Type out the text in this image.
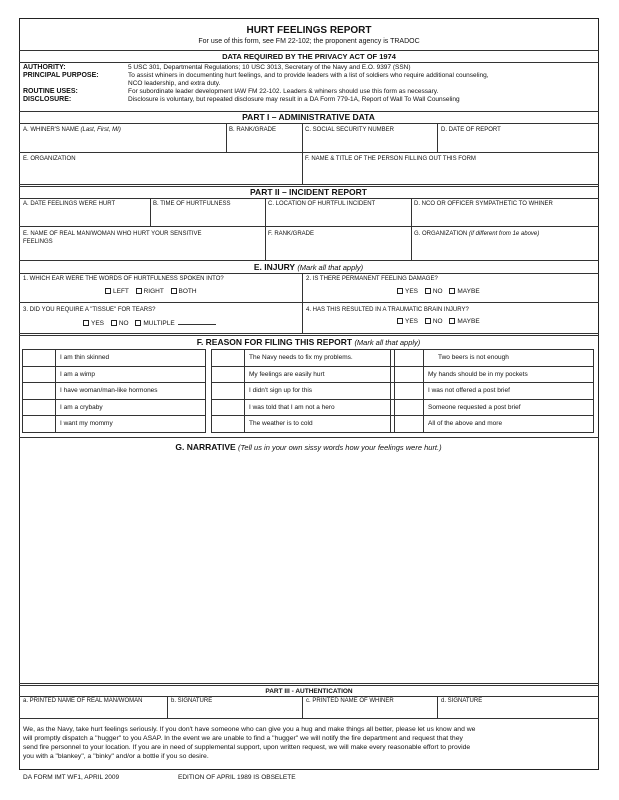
HURT FEELINGS REPORT
For use of this form, see FM 22-102; the proponent agency is TRADOC
DATA REQUIRED BY THE PRIVACY ACT OF 1974
AUTHORITY:	5 USC 301, Departmental Regulations; 10 USC 3013, Secretary of the Navy and E.O. 9397 (SSN)
PRINCIPAL PURPOSE:	To assist whiners in documenting hurt feelings, and to provide leaders with a list of soldiers who require additional counseling,
NCO leadership, and extra duty.
ROUTINE USES:	For subordinate leader development IAW FM 22-102. Leaders & whiners should use this form as necessary.
DISCLOSURE:	Disclosure is voluntary, but repeated disclosure may result in a DA Form 779-1A, Report of Wall To Wall Counseling
PART I – ADMINISTRATIVE DATA
A. WHINER'S NAME (Last, First, MI)	B. RANK/GRADE	C. SOCIAL SECURITY NUMBER	D. DATE OF REPORT
E. ORGANIZATION	F. NAME & TITLE OF THE PERSON FILLING OUT THIS FORM
PART II – INCIDENT REPORT
A. DATE FEELINGS WERE HURT	B. TIME OF HURTFULNESS	C. LOCATION OF HURTFUL INCIDENT	D. NCO OR OFFICER SYMPATHETIC TO WHINER
E. NAME OF REAL MAN/WOMAN WHO HURT YOUR SENSITIVE
FEELINGS
F. RANK/GRADE	G. ORGANIZATION (if different from 1e above)
E. INJURY (Mark all that apply)
1. WHICH EAR WERE THE WORDS OF HURTFULNESS SPOKEN INTO?
LEFT RIGHT BOTH
2. IS THERE PERMANENT FEELING DAMAGE?
YES NO MAYBE
3. DID YOU REQUIRE A "TISSUE" FOR TEARS?
YES NO MULTIPLE
4. HAS THIS RESULTED IN A TRAUMATIC BRAIN INJURY?
YES NO MAYBE
F. REASON FOR FILING THIS REPORT (Mark all that apply)
I am thin skinned
I am a wimp
I have woman/man-like hormones
I am a crybaby
I want my mommy
The Navy needs to fix my problems.
My feelings are easily hurt
I didn't sign up for this
I was told that I am not a hero
The weather is to cold
Two beers is not enough
My hands should be in my pockets
I was not offered a post brief
Someone requested a post brief
All of the above and more
G. NARRATIVE (Tell us in your own sissy words how your feelings were hurt.)
PART III - AUTHENTICATION
a. PRINTED NAME OF REAL MAN/WOMAN	b. SIGNATURE	c. PRINTED NAME OF WHINER	d. SIGNATURE
We, as the Navy, take hurt feelings seriously. If you don't have someone who can give you a hug and make things all better, please let us know and we
will promptly dispatch a "hugger" to you ASAP. In the event we are unable to find a "hugger" we will notify the fire department and request that they
send fire personnel to your location. If you are in need of supplemental support, upon written request, we will make every reasonable effort to provide
you with a "blankey", a "binky" and/or a bottle if you so desire.
DA FORM IMT WF1, APRIL 2009	EDITION OF APRIL 1989 IS OBSELETE
